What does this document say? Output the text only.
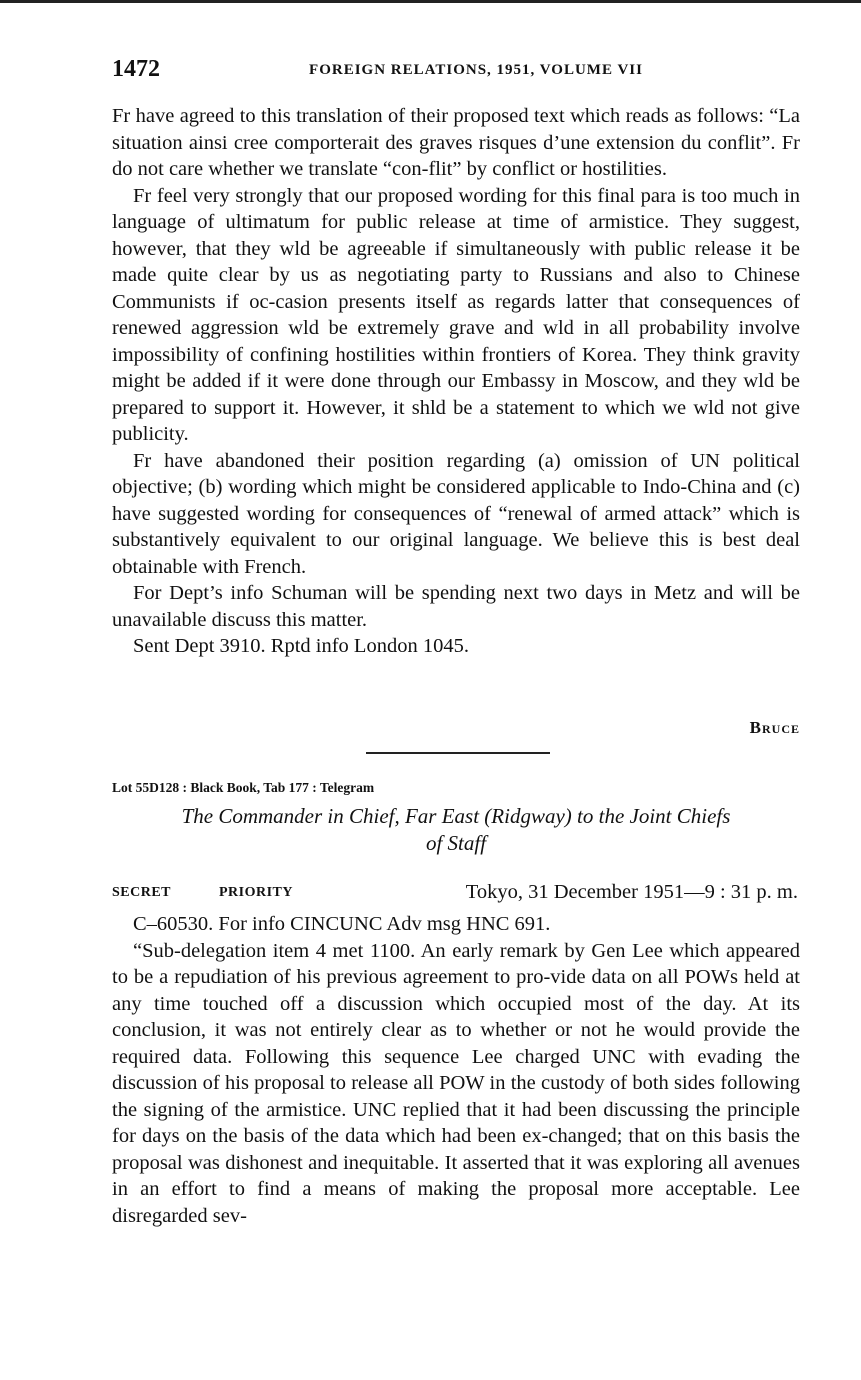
1472	FOREIGN RELATIONS, 1951, VOLUME VII

Fr have agreed to this translation of their proposed text which reads as follows: “La situation ainsi cree comporterait des graves risques d’une extension du conflit”. Fr do not care whether we translate “con-flit” by conflict or hostilities.

Fr feel very strongly that our proposed wording for this final para is too much in language of ultimatum for public release at time of armistice. They suggest, however, that they wld be agreeable if simultaneously with public release it be made quite clear by us as negotiating party to Russians and also to Chinese Communists if oc-casion presents itself as regards latter that consequences of renewed aggression wld be extremely grave and wld in all probability involve impossibility of confining hostilities within frontiers of Korea. They think gravity might be added if it were done through our Embassy in Moscow, and they wld be prepared to support it. However, it shld be a statement to which we wld not give publicity.

Fr have abandoned their position regarding (a) omission of UN political objective; (b) wording which might be considered applicable to Indo-China and (c) have suggested wording for consequences of “renewal of armed attack” which is substantively equivalent to our original language. We believe this is best deal obtainable with French.

For Dept’s info Schuman will be spending next two days in Metz and will be unavailable discuss this matter.

Sent Dept 3910. Rptd info London 1045.

Bruce
Lot 55D128 : Black Book, Tab 177 : Telegram
The Commander in Chief, Far East (Ridgway) to the Joint Chiefs
of Staff
SECRET	PRIORITY	Tokyo, 31 December 1951—9 : 31 p. m.

C–60530. For info CINCUNC Adv msg HNC 691.

“Sub-delegation item 4 met 1100. An early remark by Gen Lee which appeared to be a repudiation of his previous agreement to pro-vide data on all POWs held at any time touched off a discussion which occupied most of the day. At its conclusion, it was not entirely clear as to whether or not he would provide the required data. Following this sequence Lee charged UNC with evading the discussion of his proposal to release all POW in the custody of both sides following the signing of the armistice. UNC replied that it had been discussing the principle for days on the basis of the data which had been ex-changed; that on this basis the proposal was dishonest and inequitable. It asserted that it was exploring all avenues in an effort to find a means of making the proposal more acceptable. Lee disregarded sev-
